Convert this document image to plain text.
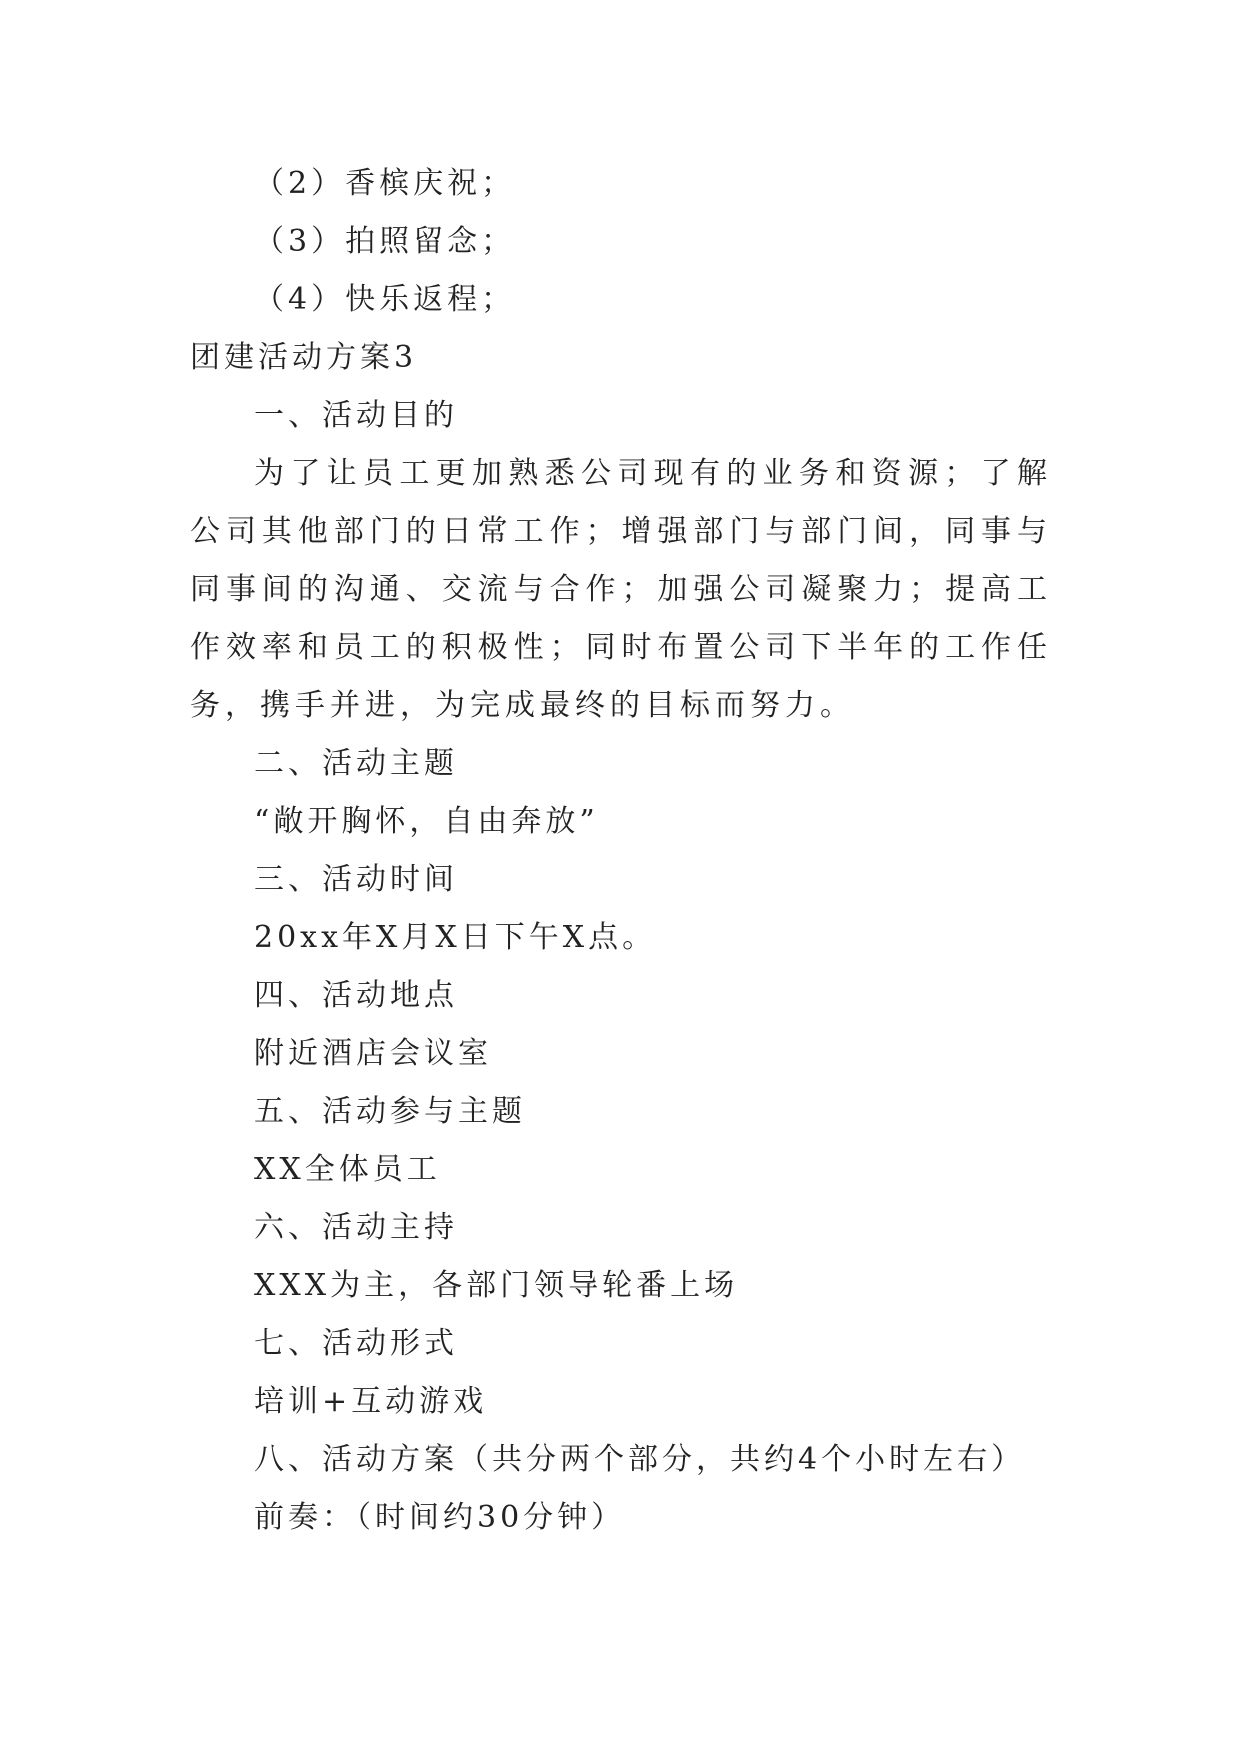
（2）香槟庆祝；
（3）拍照留念；
（4）快乐返程；
团建活动方案3
一、活动目的
为了让员工更加熟悉公司现有的业务和资源；了解公司其他部门的日常工作；增强部门与部门间，同事与同事间的沟通、交流与合作；加强公司凝聚力；提高工作效率和员工的积极性；同时布置公司下半年的工作任务，携手并进，为完成最终的目标而努力。
二、活动主题
“敞开胸怀，自由奔放”
三、活动时间
20xx年X月X日下午X点。
四、活动地点
附近酒店会议室
五、活动参与主题
XX全体员工
六、活动主持
XXX为主，各部门领导轮番上场
七、活动形式
培训+互动游戏
八、活动方案（共分两个部分，共约4个小时左右）
前奏：（时间约30分钟）
